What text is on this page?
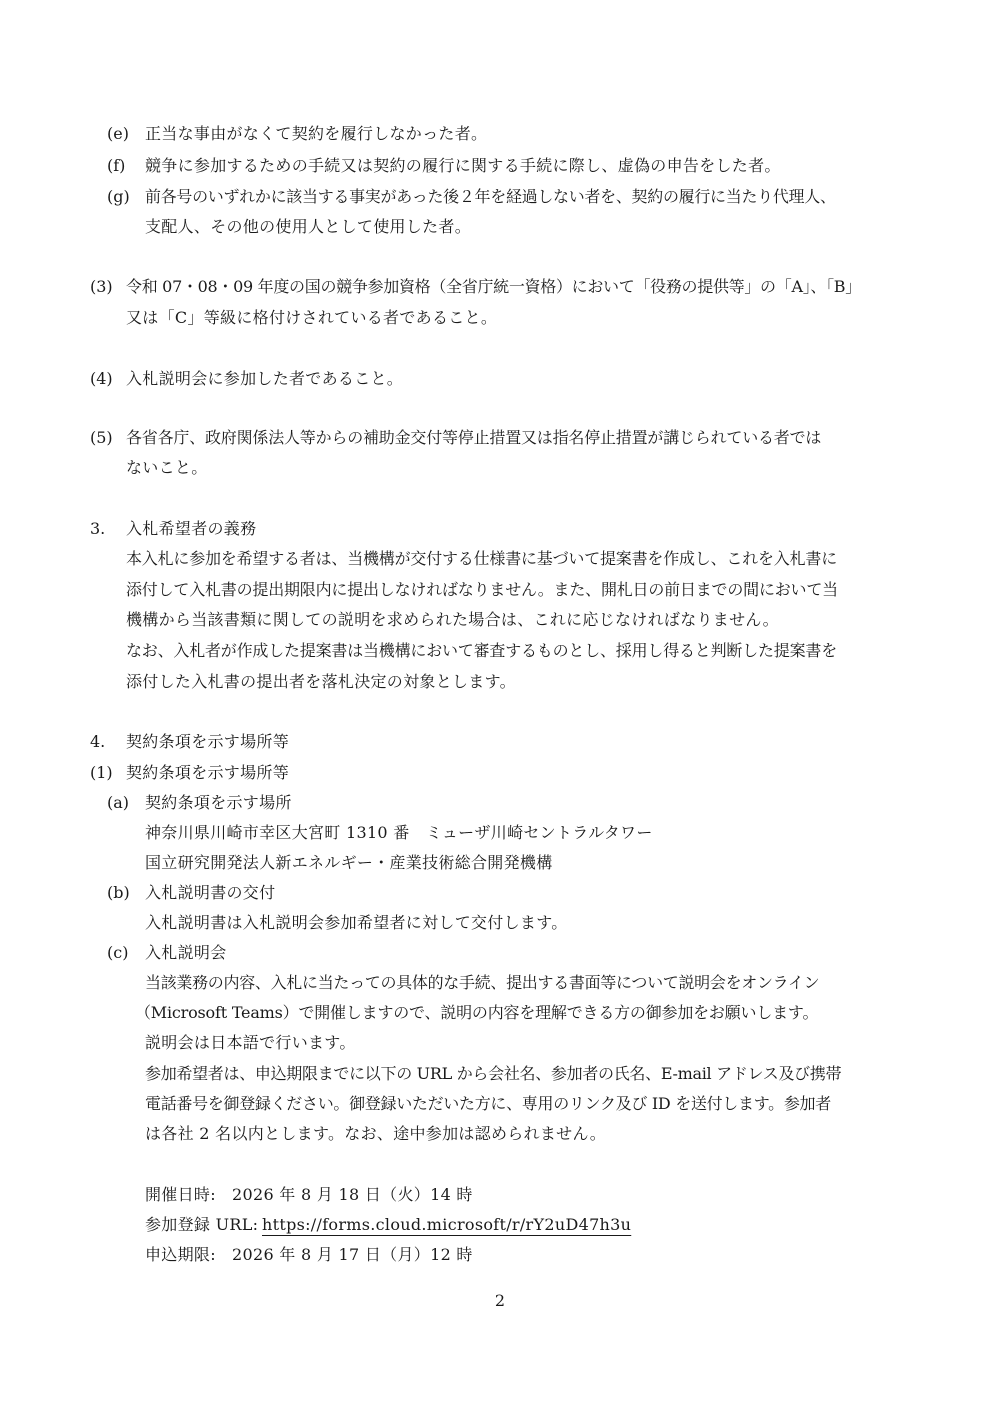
(e) 正当な事由がなくて契約を履行しなかった者。
(f) 競争に参加するための手続又は契約の履行に関する手続に際し、虚偽の申告をした者。
(g) 前各号のいずれかに該当する事実があった後２年を経過しない者を、契約の履行に当たり代理人、
支配人、その他の使用人として使用した者。
(3) 令和 07・08・09 年度の国の競争参加資格（全省庁統一資格）において「役務の提供等」の「A」、「B」
又は「C」等級に格付けされている者であること。
(4) 入札説明会に参加した者であること。
(5) 各省各庁、政府関係法人等からの補助金交付等停止措置又は指名停止措置が講じられている者では
ないこと。
3. 入札希望者の義務
本入札に参加を希望する者は、当機構が交付する仕様書に基づいて提案書を作成し、これを入札書に
添付して入札書の提出期限内に提出しなければなりません。また、開札日の前日までの間において当
機構から当該書類に関しての説明を求められた場合は、これに応じなければなりません。
なお、入札者が作成した提案書は当機構において審査するものとし、採用し得ると判断した提案書を
添付した入札書の提出者を落札決定の対象とします。
4. 契約条項を示す場所等
(1) 契約条項を示す場所等
(a) 契約条項を示す場所
神奈川県川崎市幸区大宮町 1310 番　ミューザ川崎セントラルタワー
国立研究開発法人新エネルギー・産業技術総合開発機構
(b) 入札説明書の交付
入札説明書は入札説明会参加希望者に対して交付します。
(c) 入札説明会
当該業務の内容、入札に当たっての具体的な手続、提出する書面等について説明会をオンライン
（Microsoft Teams）で開催しますので、説明の内容を理解できる方の御参加をお願いします。
説明会は日本語で行います。
参加希望者は、申込期限までに以下の URL から会社名、参加者の氏名、E-mail アドレス及び携帯
電話番号を御登録ください。御登録いただいた方に、専用のリンク及び ID を送付します。参加者
は各社 2 名以内とします。なお、途中参加は認められません。
開催日時: 2026 年 8 月 18 日（火）14 時
参加登録 URL: https://forms.cloud.microsoft/r/rY2uD47h3u
申込期限: 2026 年 8 月 17 日（月）12 時
2
